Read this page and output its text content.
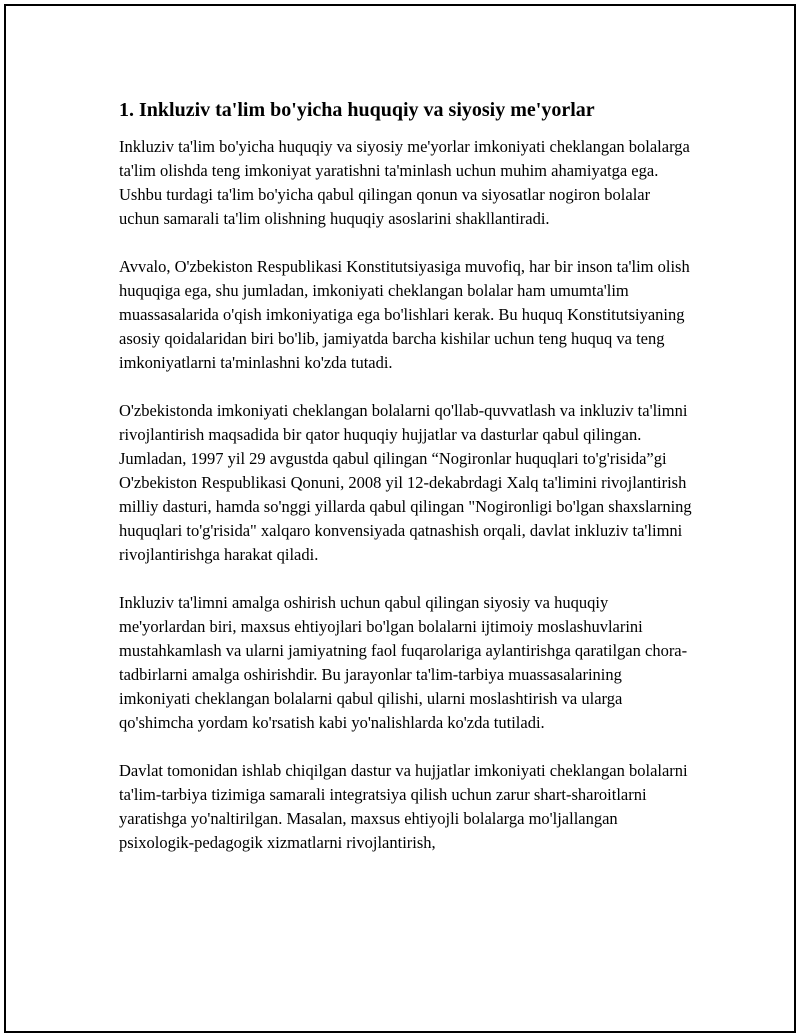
1. Inkluziv ta'lim bo'yicha huquqiy va siyosiy me'yorlar

Inkluziv ta'lim bo'yicha huquqiy va siyosiy me'yorlar imkoniyati cheklangan bolalarga ta'lim olishda teng imkoniyat yaratishni ta'minlash uchun muhim ahamiyatga ega. Ushbu turdagi ta'lim bo'yicha qabul qilingan qonun va siyosatlar nogiron bolalar uchun samarali ta'lim olishning huquqiy asoslarini shakllantiradi.

Avvalo, O'zbekiston Respublikasi Konstitutsiyasiga muvofiq, har bir inson ta'lim olish huquqiga ega, shu jumladan, imkoniyati cheklangan bolalar ham umumta'lim muassasalarida o'qish imkoniyatiga ega bo'lishlari kerak. Bu huquq Konstitutsiyaning asosiy qoidalaridan biri bo'lib, jamiyatda barcha kishilar uchun teng huquq va teng imkoniyatlarni ta'minlashni ko'zda tutadi.

O'zbekistonda imkoniyati cheklangan bolalarni qo'llab-quvvatlash va inkluziv ta'limni rivojlantirish maqsadida bir qator huquqiy hujjatlar va dasturlar qabul qilingan. Jumladan, 1997 yil 29 avgustda qabul qilingan “Nogironlar huquqlari to'g'risida”gi O'zbekiston Respublikasi Qonuni, 2008 yil 12-dekabrdagi Xalq ta'limini rivojlantirish milliy dasturi, hamda so'nggi yillarda qabul qilingan "Nogironligi bo'lgan shaxslarning huquqlari to'g'risida" xalqaro konvensiyada qatnashish orqali, davlat inkluziv ta'limni rivojlantirishga harakat qiladi.

Inkluziv ta'limni amalga oshirish uchun qabul qilingan siyosiy va huquqiy me'yorlardan biri, maxsus ehtiyojlari bo'lgan bolalarni ijtimoiy moslashuvlarini mustahkamlash va ularni jamiyatning faol fuqarolariga aylantirishga qaratilgan chora-tadbirlarni amalga oshirishdir. Bu jarayonlar ta'lim-tarbiya muassasalarining imkoniyati cheklangan bolalarni qabul qilishi, ularni moslashtirish va ularga qo'shimcha yordam ko'rsatish kabi yo'nalishlarda ko'zda tutiladi.

Davlat tomonidan ishlab chiqilgan dastur va hujjatlar imkoniyati cheklangan bolalarni ta'lim-tarbiya tizimiga samarali integratsiya qilish uchun zarur shart-sharoitlarni yaratishga yo'naltirilgan. Masalan, maxsus ehtiyojli bolalarga mo'ljallangan psixologik-pedagogik xizmatlarni rivojlantirish,
